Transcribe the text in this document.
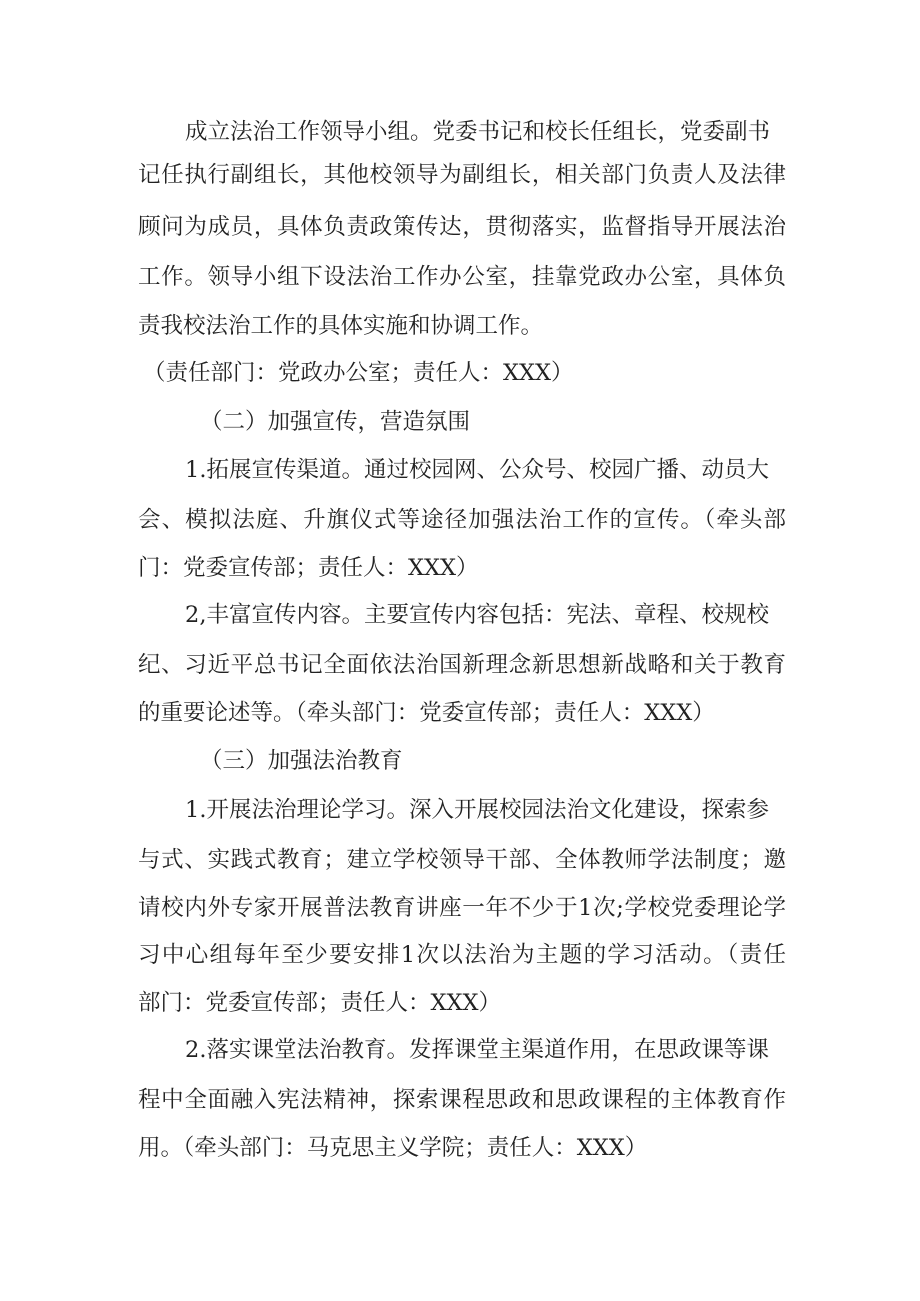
成立法治工作领导小组。党委书记和校长任组长，党委副书
记任执行副组长，其他校领导为副组长，相关部门负责人及法律
顾问为成员，具体负责政策传达，贯彻落实，监督指导开展法治
工作。领导小组下设法治工作办公室，挂靠党政办公室，具体负
责我校法治工作的具体实施和协调工作。
（责任部门：党政办公室；责任人：XXX）
（二）加强宣传，营造氛围
1.拓展宣传渠道。通过校园网、公众号、校园广播、动员大
会、模拟法庭、升旗仪式等途径加强法治工作的宣传。（牵头部
门：党委宣传部；责任人：XXX）
2,丰富宣传内容。主要宣传内容包括：宪法、章程、校规校
纪、习近平总书记全面依法治国新理念新思想新战略和关于教育
的重要论述等。（牵头部门：党委宣传部；责任人：XXX）
（三）加强法治教育
1.开展法治理论学习。深入开展校园法治文化建设，探索参
与式、实践式教育；建立学校领导干部、全体教师学法制度；邀
请校内外专家开展普法教育讲座一年不少于1次;学校党委理论学
习中心组每年至少要安排1次以法治为主题的学习活动。（责任
部门：党委宣传部；责任人：XXX）
2.落实课堂法治教育。发挥课堂主渠道作用，在思政课等课
程中全面融入宪法精神，探索课程思政和思政课程的主体教育作
用。（牵头部门：马克思主义学院；责任人：XXX）
